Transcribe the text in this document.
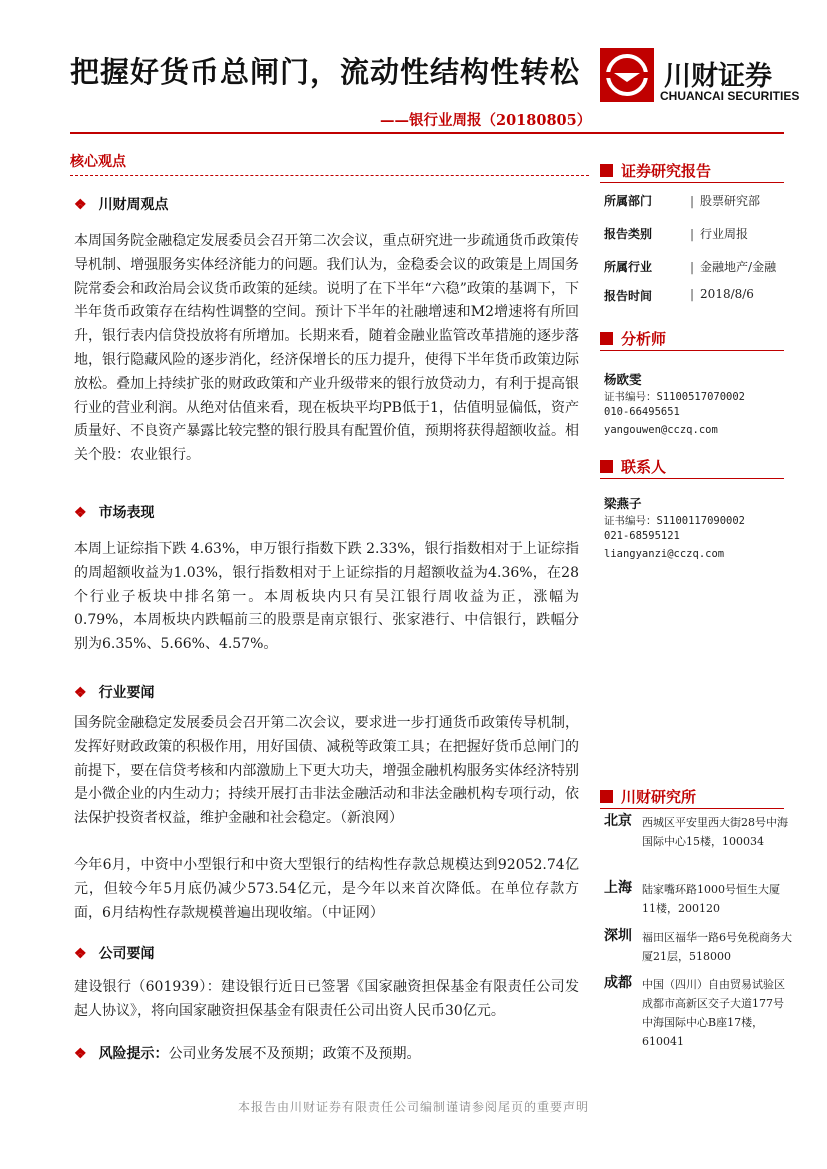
把握好货币总闸门，流动性结构性转松
——银行业周报（20180805）
川财证券
CHUANCAI SECURITIES
核心观点
❖ 川财周观点

本周国务院金融稳定发展委员会召开第二次会议，重点研究进一步疏通货币政策传导机制、增强服务实体经济能力的问题。我们认为，金稳委会议的政策是上周国务院常委会和政治局会议货币政策的延续。说明了在下半年“六稳”政策的基调下，下半年货币政策存在结构性调整的空间。预计下半年的社融增速和M2增速将有所回升，银行表内信贷投放将有所增加。长期来看，随着金融业监管改革措施的逐步落地，银行隐藏风险的逐步消化，经济保增长的压力提升，使得下半年货币政策边际放松。叠加上持续扩张的财政政策和产业升级带来的银行放贷动力，有利于提高银行业的营业利润。从绝对估值来看，现在板块平均PB低于1，估值明显偏低，资产质量好、不良资产暴露比较完整的银行股具有配置价值，预期将获得超额收益。相关个股：农业银行。

❖ 市场表现

本周上证综指下跌 4.63%，申万银行指数下跌 2.33%，银行指数相对于上证综指的周超额收益为1.03%，银行指数相对于上证综指的月超额收益为4.36%，在28个行业子板块中排名第一。本周板块内只有吴江银行周收益为正，涨幅为0.79%，本周板块内跌幅前三的股票是南京银行、张家港行、中信银行，跌幅分别为6.35%、5.66%、4.57%。

❖ 行业要闻

国务院金融稳定发展委员会召开第二次会议，要求进一步打通货币政策传导机制，发挥好财政政策的积极作用，用好国债、减税等政策工具；在把握好货币总闸门的前提下，要在信贷考核和内部激励上下更大功夫，增强金融机构服务实体经济特别是小微企业的内生动力；持续开展打击非法金融活动和非法金融机构专项行动，依法保护投资者权益，维护金融和社会稳定。（新浪网）

今年6月，中资中小型银行和中资大型银行的结构性存款总规模达到92052.74亿元，但较今年5月底仍减少573.54亿元，是今年以来首次降低。在单位存款方面，6月结构性存款规模普遍出现收缩。（中证网）

❖ 公司要闻

建设银行（601939）：建设银行近日已签署《国家融资担保基金有限责任公司发起人协议》，将向国家融资担保基金有限责任公司出资人民币30亿元。

❖ 风险提示：公司业务发展不及预期；政策不及预期。
证券研究报告
所属部门	| 股票研究部
报告类别	| 行业周报
所属行业	| 金融地产/金融
报告时间	| 2018/8/6
分析师
杨欧雯
证书编号：S1100517070002
010-66495651
yangouwen@cczq.com
联系人
梁燕子
证书编号：S1100117090002
021-68595121
liangyanzi@cczq.com
川财研究所
北京 西城区平安里西大街28号中海国际中心15楼，100034

上海 陆家嘴环路1000号恒生大厦11楼，200120

深圳 福田区福华一路6号免税商务大厦21层，518000

成都 中国（四川）自由贸易试验区成都市高新区交子大道177号中海国际中心B座17楼，610041

本报告由川财证券有限责任公司编制谨请参阅尾页的重要声明
